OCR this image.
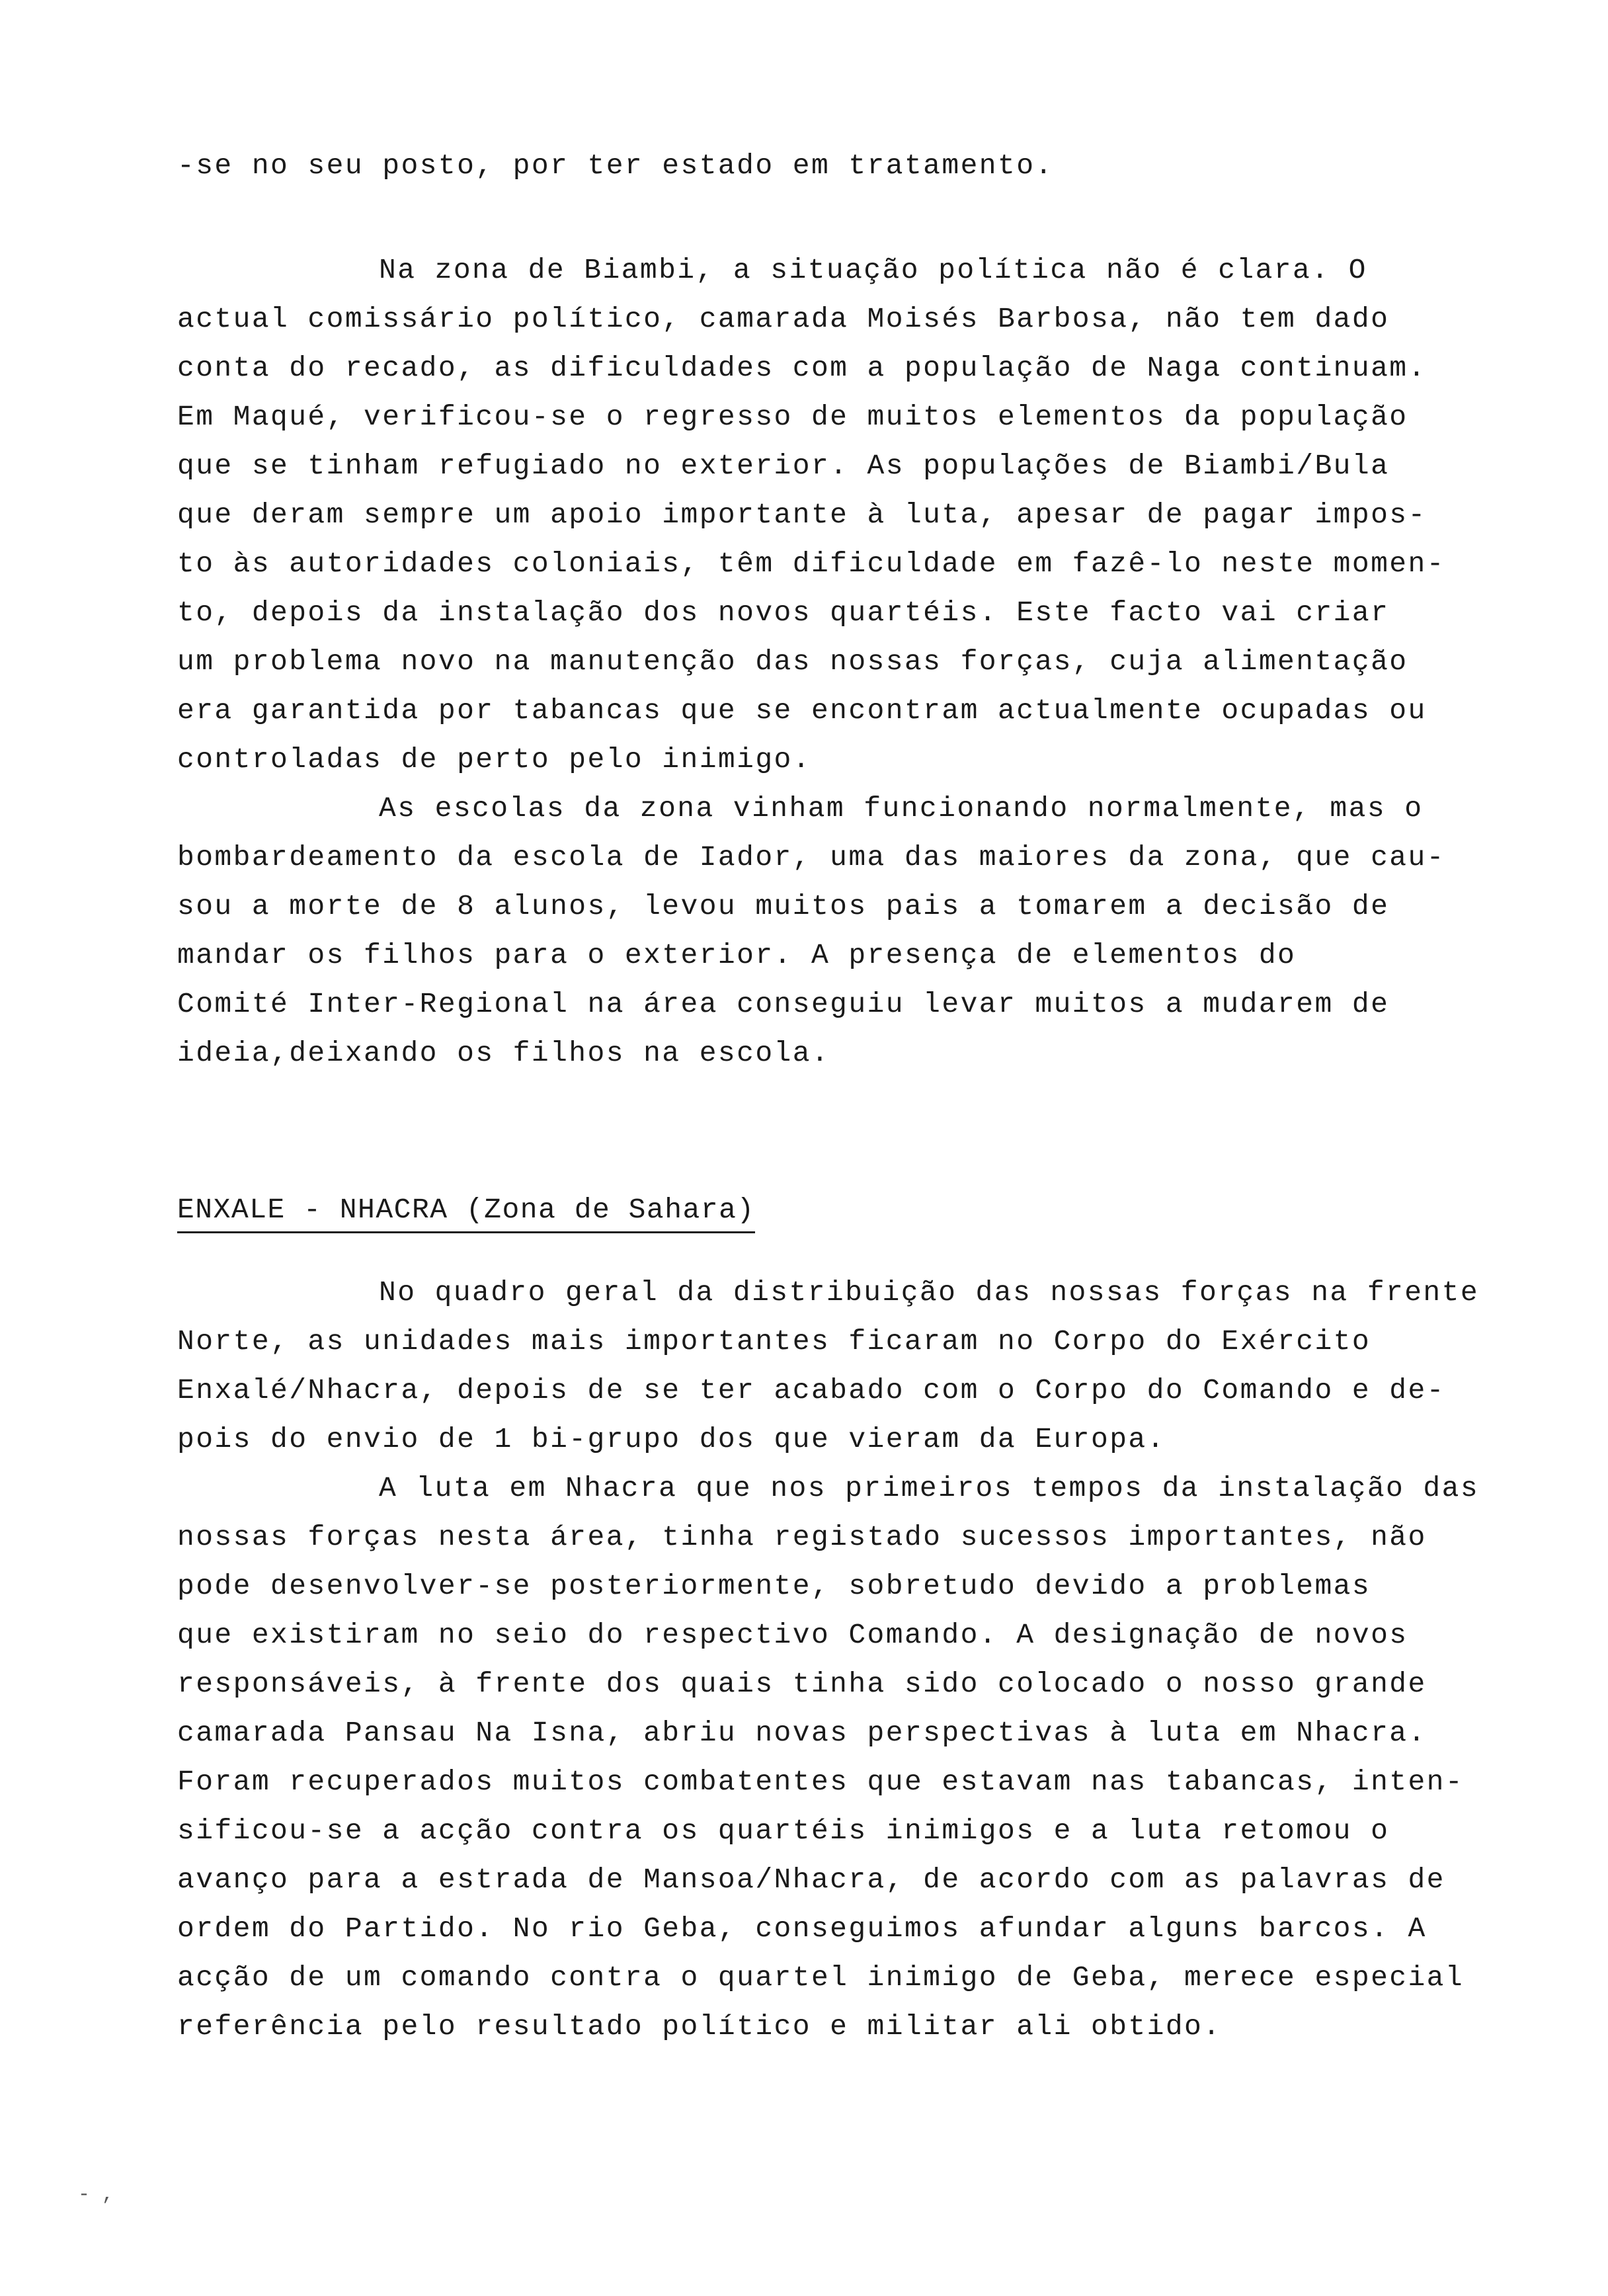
-se no seu posto, por ter estado em tratamento.
Na zona de Biambi, a situação política não é clara. O
actual comissário político, camarada Moisés Barbosa, não tem dado
conta do recado, as dificuldades com a população de Naga continuam.
Em Maqué, verificou-se o regresso de muitos elementos da população
que se tinham refugiado no exterior. As populações de Biambi/Bula
que deram sempre um apoio importante à luta, apesar de pagar impos-
to às autoridades coloniais, têm dificuldade em fazê-lo neste momen-
to, depois da instalação dos novos quartéis. Este facto vai criar
um problema novo na manutenção das nossas forças, cuja alimentação
era garantida por tabancas que se encontram actualmente ocupadas ou
controladas de perto pelo inimigo.
As escolas da zona vinham funcionando normalmente, mas o
bombardeamento da escola de Iador, uma das maiores da zona, que cau-
sou a morte de 8 alunos, levou muitos pais a tomarem a decisão de
mandar os filhos para o exterior. A presença de elementos do
Comité Inter-Regional na área conseguiu levar muitos a mudarem de
ideia,deixando os filhos na escola.
ENXALE - NHACRA (Zona de Sahara)
No quadro geral da distribuição das nossas forças na frente
Norte, as unidades mais importantes ficaram no Corpo do Exército
Enxalé/Nhacra, depois de se ter acabado com o Corpo do Comando e de-
pois do envio de 1 bi-grupo dos que vieram da Europa.
A luta em Nhacra que nos primeiros tempos da instalação das
nossas forças nesta área, tinha registado sucessos importantes, não
pode desenvolver-se posteriormente, sobretudo devido a problemas
que existiram no seio do respectivo Comando. A designação de novos
responsáveis, à frente dos quais tinha sido colocado o nosso grande
camarada Pansau Na Isna, abriu novas perspectivas à luta em Nhacra.
Foram recuperados muitos combatentes que estavam nas tabancas, inten-
sificou-se a acção contra os quartéis inimigos e a luta retomou o
avanço para a estrada de Mansoa/Nhacra, de acordo com as palavras de
ordem do Partido. No rio Geba, conseguimos afundar alguns barcos. A
acção de um comando contra o quartel inimigo de Geba, merece especial
referência pelo resultado político e militar ali obtido.
- ,
